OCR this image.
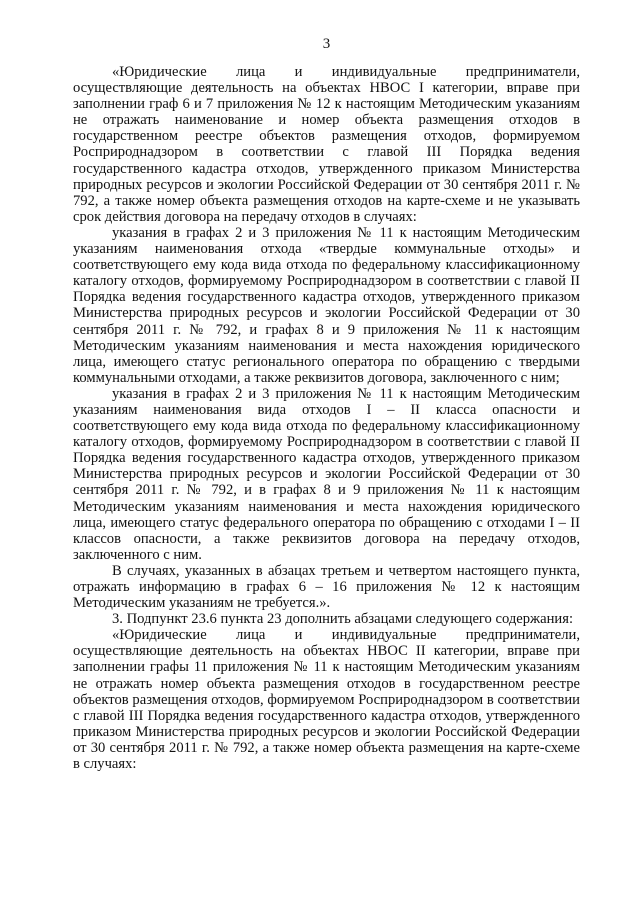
3

«Юридические лица и индивидуальные предприниматели, осуществляющие деятельность на объектах НВОС I категории, вправе при заполнении граф 6 и 7 приложения № 12 к настоящим Методическим указаниям не отражать наименование и номер объекта размещения отходов в государственном реестре объектов размещения отходов, формируемом Росприроднадзором в соответствии с главой III Порядка ведения государственного кадастра отходов, утвержденного приказом Министерства природных ресурсов и экологии Российской Федерации от 30 сентября 2011 г. № 792, а также номер объекта размещения отходов на карте-схеме и не указывать срок действия договора на передачу отходов в случаях:

указания в графах 2 и 3 приложения № 11 к настоящим Методическим указаниям наименования отхода «твердые коммунальные отходы» и соответствующего ему кода вида отхода по федеральному классификационному каталогу отходов, формируемому Росприроднадзором в соответствии с главой II Порядка ведения государственного кадастра отходов, утвержденного приказом Министерства природных ресурсов и экологии Российской Федерации от 30 сентября 2011 г. № 792, и графах 8 и 9 приложения № 11 к настоящим Методическим указаниям наименования и места нахождения юридического лица, имеющего статус регионального оператора по обращению с твердыми коммунальными отходами, а также реквизитов договора, заключенного с ним;

указания в графах 2 и 3 приложения № 11 к настоящим Методическим указаниям наименования вида отходов I – II класса опасности и соответствующего ему кода вида отхода по федеральному классификационному каталогу отходов, формируемому Росприроднадзором в соответствии с главой II Порядка ведения государственного кадастра отходов, утвержденного приказом Министерства природных ресурсов и экологии Российской Федерации от 30 сентября 2011 г. № 792, и в графах 8 и 9 приложения № 11 к настоящим Методическим указаниям наименования и места нахождения юридического лица, имеющего статус федерального оператора по обращению с отходами I – II классов опасности, а также реквизитов договора на передачу отходов, заключенного с ним.

В случаях, указанных в абзацах третьем и четвертом настоящего пункта, отражать информацию в графах 6 – 16 приложения № 12 к настоящим Методическим указаниям не требуется.».

3. Подпункт 23.6 пункта 23 дополнить абзацами следующего содержания:

«Юридические лица и индивидуальные предприниматели, осуществляющие деятельность на объектах НВОС II категории, вправе при заполнении графы 11 приложения № 11 к настоящим Методическим указаниям не отражать номер объекта размещения отходов в государственном реестре объектов размещения отходов, формируемом Росприроднадзором в соответствии с главой III Порядка ведения государственного кадастра отходов, утвержденного приказом Министерства природных ресурсов и экологии Российской Федерации от 30 сентября 2011 г. № 792, а также номер объекта размещения на карте-схеме в случаях:
